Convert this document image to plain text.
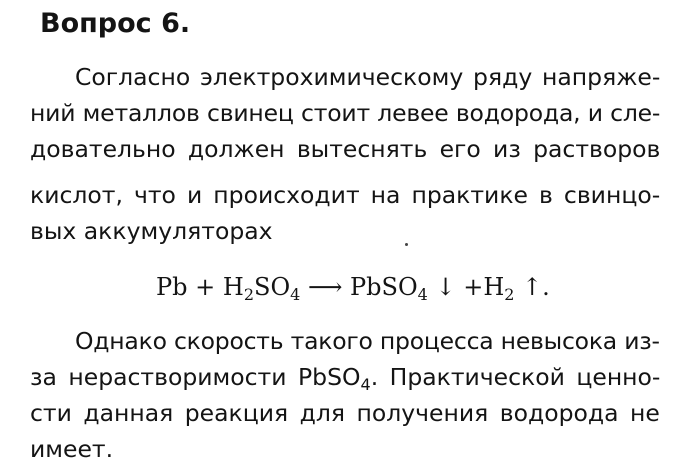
Вопрос 6.
Согласно электрохимическому ряду напряже-
ний металлов свинец стоит левее водорода, и сле-
довательно должен вытеснять его из растворов
кислот, что и происходит на практике в свинцо-
вых аккумуляторах
$Pb + H_2SO_4$ ⟶ PbSO$_4$ ↓ $+H_2$ ↑.
Однако скорость такого процесса невысока из-
за нерастворимости PbSO$_4$. Практической ценно-
сти данная реакция для получения водорода не
имеет.
